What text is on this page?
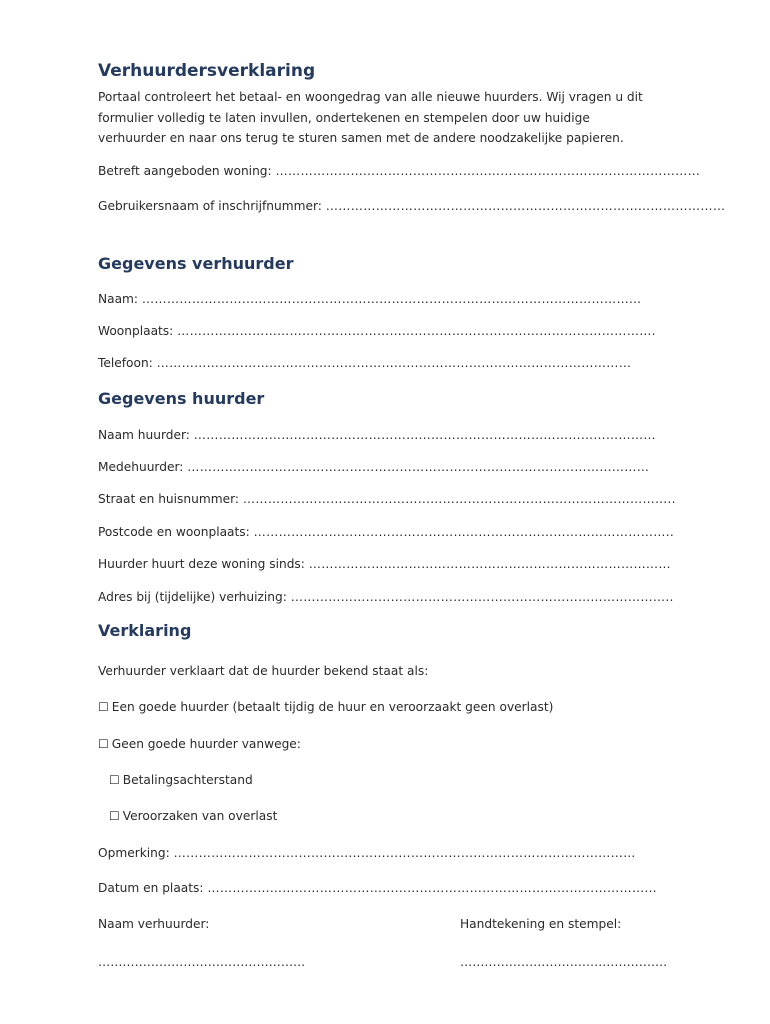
Verhuurdersverklaring

Portaal controleert het betaal- en woongedrag van alle nieuwe huurders. Wij vragen u dit formulier volledig te laten invullen, ondertekenen en stempelen door uw huidige verhuurder en naar ons terug te sturen samen met de andere noodzakelijke papieren.

Betreft aangeboden woning: …………………………………………………………………………………………
Gebruikersnaam of inschrijfnummer: ……………………………………………………………………………………
Gegevens verhuurder
Naam: …………………………………………………………………………………………………………
Woonplaats: …………………………………………………………………………………………………….
Telefoon: ……………………………………………………………………………………………………
Gegevens huurder
Naam huurder: …………………………………………………………………………………………………
Medehuurder: …………………………………………………………………………………………………
Straat en huisnummer: …………………………………………………………………………………………..
Postcode en woonplaats: ………………………………………………………………………………………..
Huurder huurt deze woning sinds: ……………………………………………………………………………
Adres bij (tijdelijke) verhuizing: ………………………………………………………………………………..
Verklaring
Verhuurder verklaart dat de huurder bekend staat als:
☐ Een goede huurder (betaalt tijdig de huur en veroorzaakt geen overlast)
☐ Geen goede huurder vanwege:
☐ Betalingsachterstand
☐ Veroorzaken van overlast
Opmerking: …………………………………………………………………………………………………
Datum en plaats: ………………………………………………………………………………………………
Naam verhuurder:	Handtekening en stempel:
……………………………………………	……………………………………………
